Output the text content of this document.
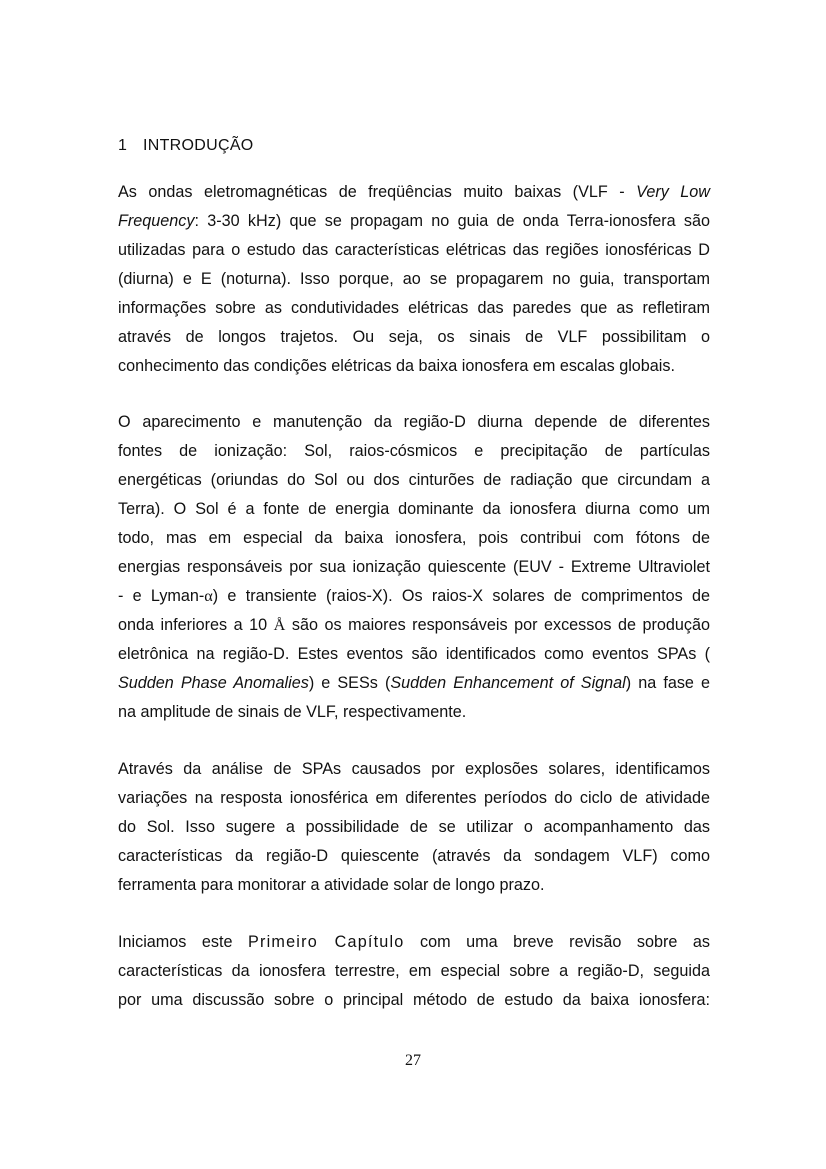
1 INTRODUÇÃO
As ondas eletromagnéticas de freqüências muito baixas (VLF - Very Low
Frequency: 3-30 kHz) que se propagam no guia de onda Terra-ionosfera são
utilizadas para o estudo das características elétricas das regiões ionosféricas D
(diurna) e E (noturna). Isso porque, ao se propagarem no guia, transportam
informações sobre as condutividades elétricas das paredes que as refletiram
através de longos trajetos. Ou seja, os sinais de VLF possibilitam o
conhecimento das condições elétricas da baixa ionosfera em escalas globais.
O aparecimento e manutenção da região-D diurna depende de diferentes
fontes de ionização: Sol, raios-cósmicos e precipitação de partículas
energéticas (oriundas do Sol ou dos cinturões de radiação que circundam a
Terra). O Sol é a fonte de energia dominante da ionosfera diurna como um
todo, mas em especial da baixa ionosfera, pois contribui com fótons de
energias responsáveis por sua ionização quiescente (EUV - Extreme Ultraviolet
- e Lyman-α) e transiente (raios-X). Os raios-X solares de comprimentos de
onda inferiores a 10 Å são os maiores responsáveis por excessos de produção
eletrônica na região-D. Estes eventos são identificados como eventos SPAs (
Sudden Phase Anomalies) e SESs (Sudden Enhancement of Signal) na fase e
na amplitude de sinais de VLF, respectivamente.
Através da análise de SPAs causados por explosões solares, identificamos
variações na resposta ionosférica em diferentes períodos do ciclo de atividade
do Sol. Isso sugere a possibilidade de se utilizar o acompanhamento das
características da região-D quiescente (através da sondagem VLF) como
ferramenta para monitorar a atividade solar de longo prazo.
Iniciamos este Primeiro Capítulo com uma breve revisão sobre as
características da ionosfera terrestre, em especial sobre a região-D, seguida
por uma discussão sobre o principal método de estudo da baixa ionosfera:
27
